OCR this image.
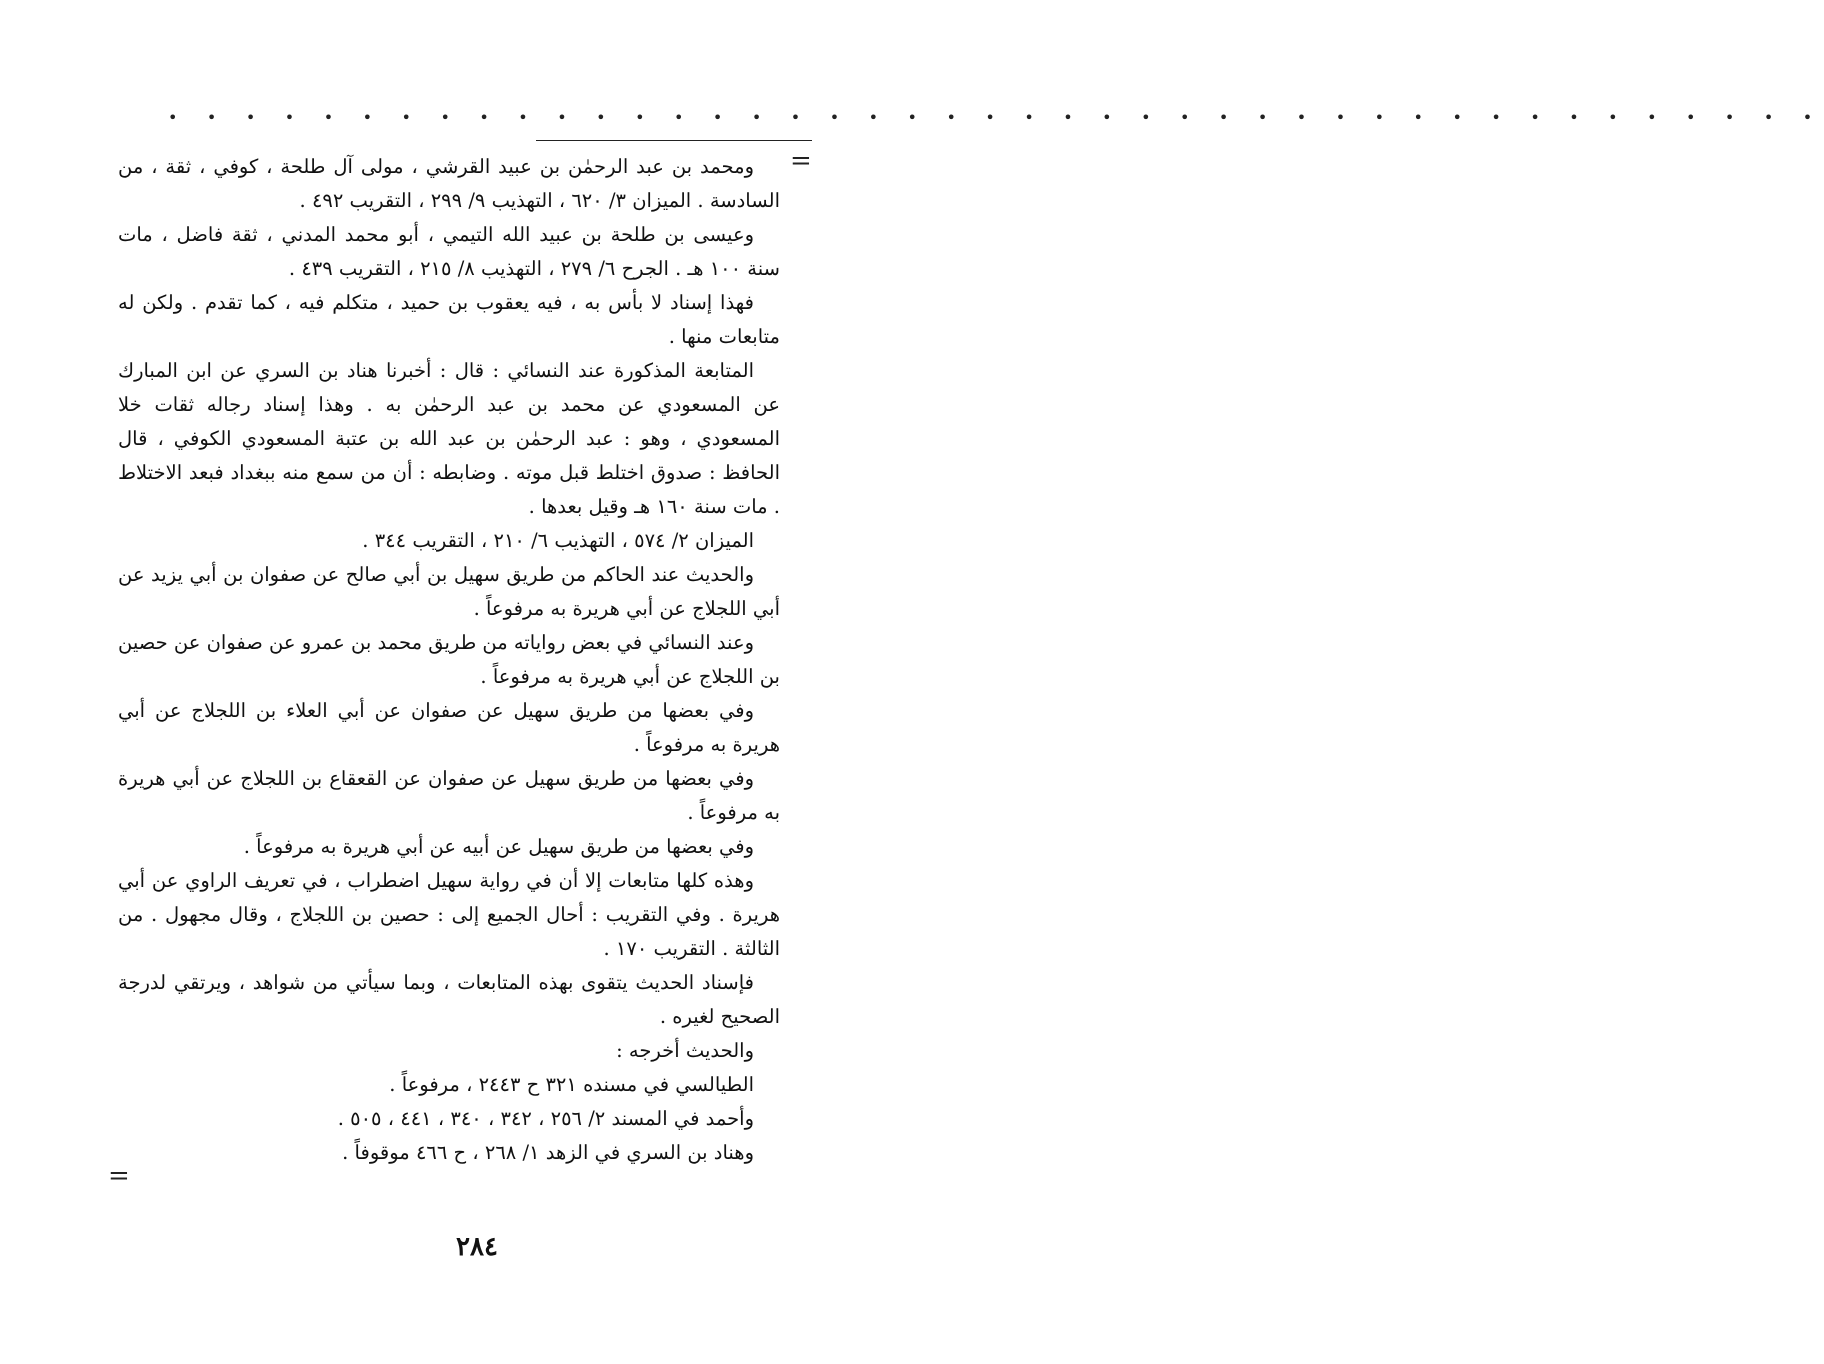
• • • • • • • • • • • • • • • • • • • • • • • • • • • • • • • • • • • • • • • • • • •
=

ومحمد بن عبد الرحمٰن بن عبيد القرشي ، مولى آل طلحة ، كوفي ، ثقة ، من السادسة . الميزان ٣/ ٦٢٠ ، التهذيب ٩/ ٢٩٩ ، التقريب ٤٩٢ .

وعيسى بن طلحة بن عبيد الله التيمي ، أبو محمد المدني ، ثقة فاضل ، مات سنة ١٠٠ هـ . الجرح ٦/ ٢٧٩ ، التهذيب ٨/ ٢١٥ ، التقريب ٤٣٩ .

فهذا إسناد لا بأس به ، فيه يعقوب بن حميد ، متكلم فيه ، كما تقدم . ولكن له متابعات منها .

المتابعة المذكورة عند النسائي : قال : أخبرنا هناد بن السري عن ابن المبارك عن المسعودي عن محمد بن عبد الرحمٰن به . وهذا إسناد رجاله ثقات خلا المسعودي ، وهو : عبد الرحمٰن بن عبد الله بن عتبة المسعودي الكوفي ، قال الحافظ : صدوق اختلط قبل موته . وضابطه : أن من سمع منه ببغداد فبعد الاختلاط . مات سنة ١٦٠ هـ وقيل بعدها .

الميزان ٢/ ٥٧٤ ، التهذيب ٦/ ٢١٠ ، التقريب ٣٤٤ .

والحديث عند الحاكم من طريق سهيل بن أبي صالح عن صفوان بن أبي يزيد عن أبي اللجلاج عن أبي هريرة به مرفوعاً .

وعند النسائي في بعض رواياته من طريق محمد بن عمرو عن صفوان عن حصين بن اللجلاج عن أبي هريرة به مرفوعاً .

وفي بعضها من طريق سهيل عن صفوان عن أبي العلاء بن اللجلاج عن أبي هريرة به مرفوعاً .

وفي بعضها من طريق سهيل عن صفوان عن القعقاع بن اللجلاج عن أبي هريرة به مرفوعاً .

وفي بعضها من طريق سهيل عن أبيه عن أبي هريرة به مرفوعاً .

وهذه كلها متابعات إلا أن في رواية سهيل اضطراب ، في تعريف الراوي عن أبي هريرة . وفي التقريب : أحال الجميع إلى : حصين بن اللجلاج ، وقال مجهول . من الثالثة . التقريب ١٧٠ .

فإسناد الحديث يتقوى بهذه المتابعات ، وبما سيأتي من شواهد ، ويرتقي لدرجة الصحيح لغيره .

والحديث أخرجه :

الطيالسي في مسنده ٣٢١ ح ٢٤٤٣ ، مرفوعاً .

وأحمد في المسند ٢/ ٢٥٦ ، ٣٤٢ ، ٣٤٠ ، ٤٤١ ، ٥٠٥ .

وهناد بن السري في الزهد ١/ ٢٦٨ ، ح ٤٦٦ موقوفاً .

=
٢٨٤
